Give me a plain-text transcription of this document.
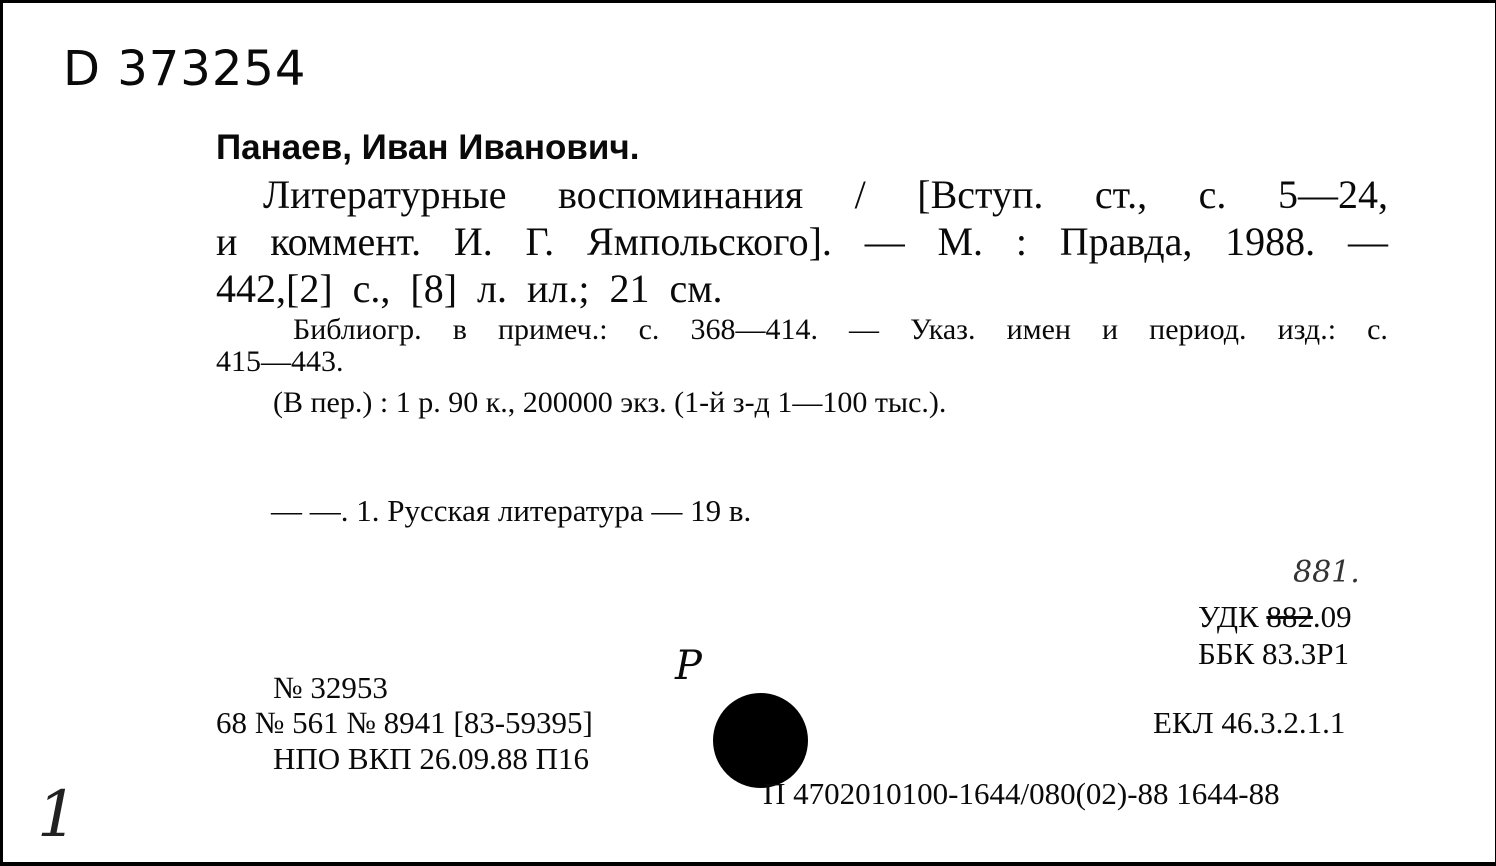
D 373254
Панаев, Иван Иванович.
Литературные воспоминания / [Вступ. ст., с. 5—24,
и коммент. И. Г. Ямпольского]. — М. : Правда, 1988. —
442,[2]  с.,  [8]  л.  ил.;  21  см.
Библиогр. в примеч.: с. 368—414. — Указ. имен и период. изд.: с.
415—443.
(В пер.) : 1 р. 90 к., 200000 экз. (1-й з-д 1—100 тыс.).
— —. 1. Русская литература — 19 в.
881.
УДК 882.09
ББК 83.3Р1
ЕКЛ 46.3.2.1.1
№ 32953
68 № 561 № 8941 [83-59395]
НПО ВКП 26.09.88 П16
P
П 4702010100-1644/080(02)-88 1644-88
1
